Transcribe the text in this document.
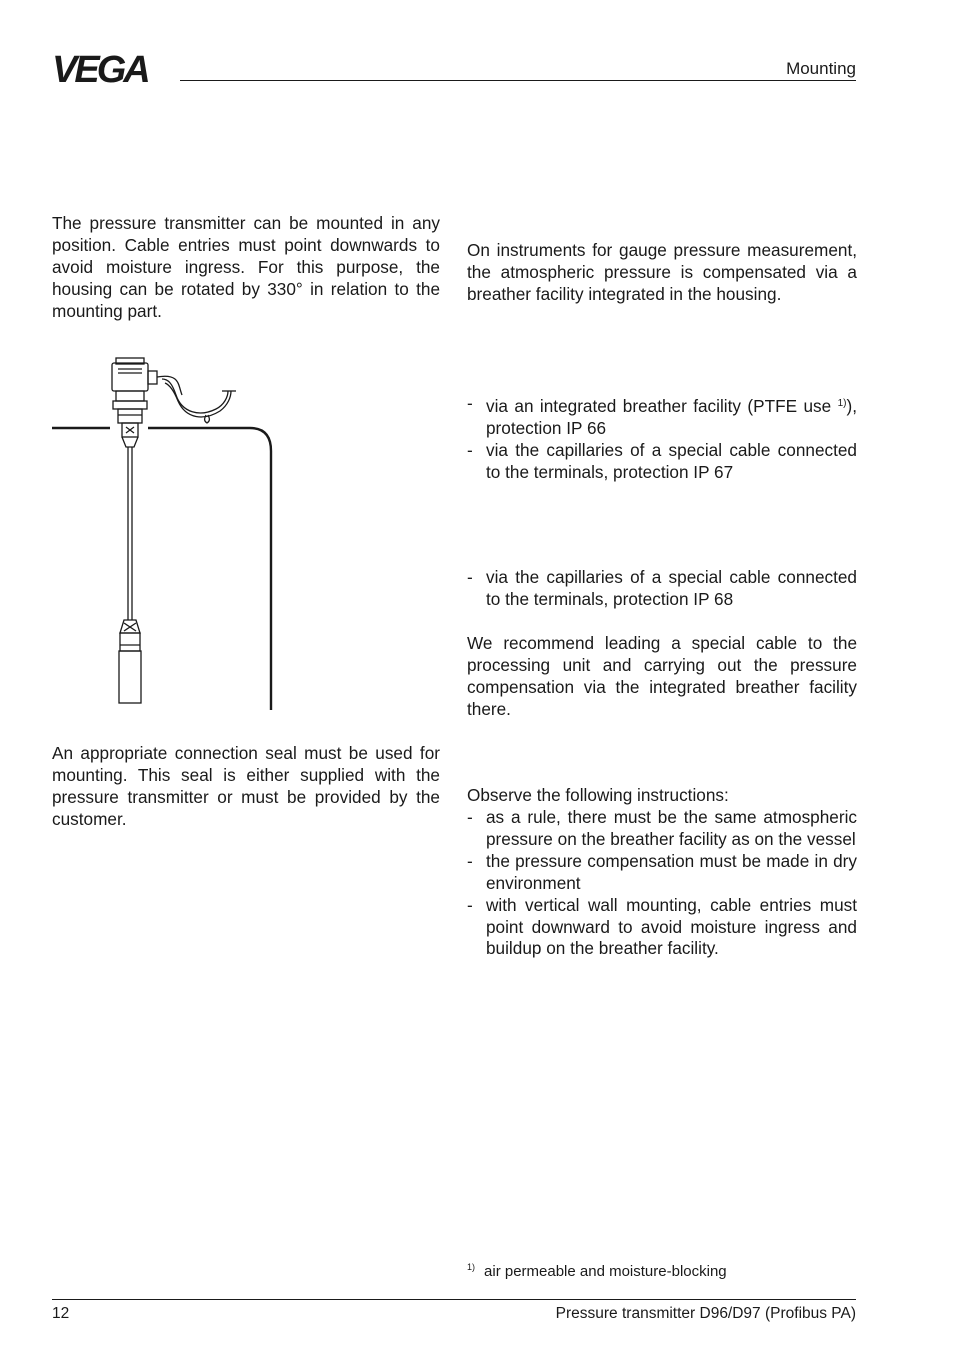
VEGA	Mounting

The pressure transmitter can be mounted in any position. Cable entries must point downwards to avoid moisture ingress. For this purpose, the housing can be rotated by 330° in relation to the mounting part.

An appropriate connection seal must be used for mounting. This seal is either supplied with the pressure transmitter or must be provided by the customer.

On instruments for gauge pressure measurement, the atmospheric pressure is compensated via a breather facility integrated in the housing.

- via an integrated breather facility (PTFE use $^{1)}$), protection IP 66
- via the capillaries of a special cable connected to the terminals, protection IP 67
- via the capillaries of a special cable connected to the terminals, protection IP 68

We recommend leading a special cable to the processing unit and carrying out the pressure compensation via the integrated breather facility there.

Observe the following instructions:

- as a rule, there must be the same atmospheric pressure on the breather facility as on the vessel
- the pressure compensation must be made in dry environment
- with vertical wall mounting, cable entries must point downward to avoid moisture ingress and buildup on the breather facility.
$^{1)}$ air permeable and moisture-blocking
12	Pressure transmitter D96/D97 (Profibus PA)
